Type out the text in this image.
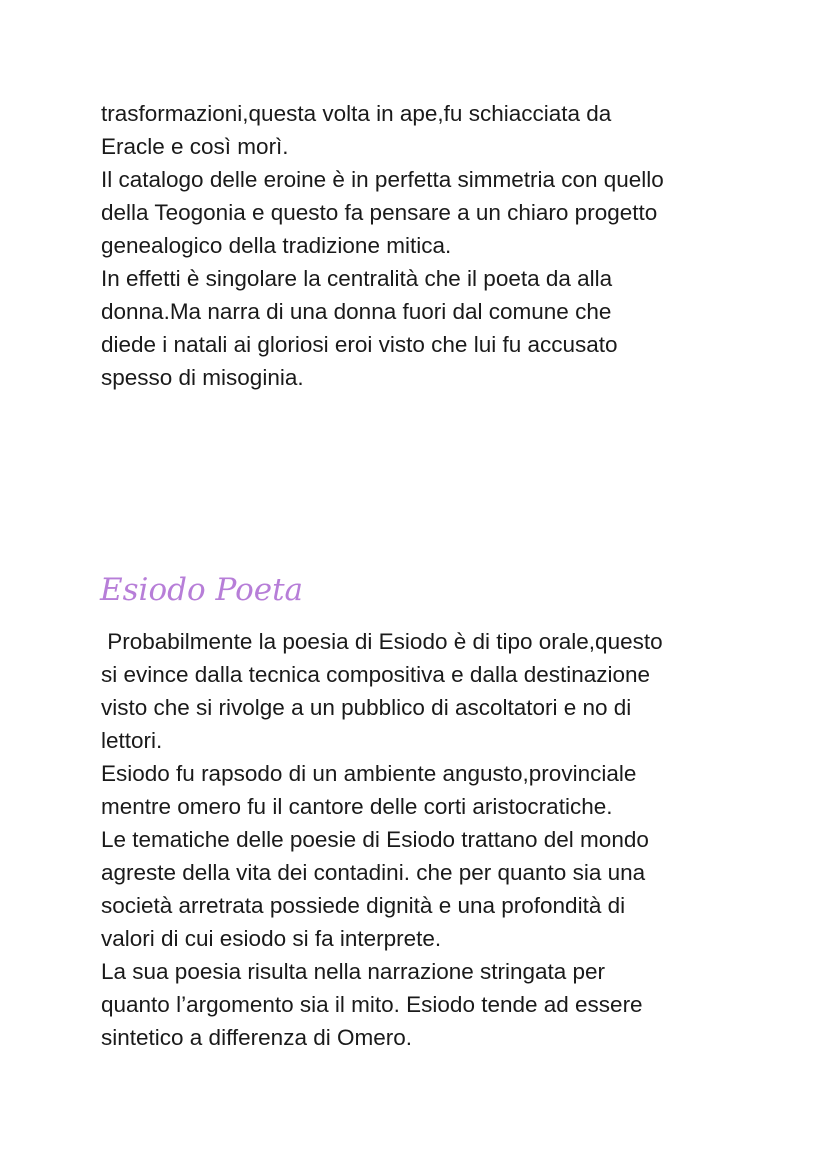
trasformazioni,questa volta in ape,fu schiacciata da
Eracle e così morì.
Il catalogo delle eroine è in perfetta simmetria con quello
della Teogonia e questo fa pensare a un chiaro progetto
genealogico della tradizione mitica.
In effetti è singolare la centralità che il poeta da alla
donna.Ma narra di una donna fuori dal comune che
diede i natali ai gloriosi eroi visto che lui fu accusato
spesso di misoginia.
Esiodo Poeta
Probabilmente la poesia di Esiodo è di tipo orale,questo
si evince dalla tecnica compositiva e dalla destinazione
visto che si rivolge a un pubblico di ascoltatori e no di
lettori.
Esiodo fu rapsodo di un ambiente angusto,provinciale
mentre omero fu il cantore delle corti aristocratiche.
Le tematiche delle poesie di Esiodo trattano del mondo
agreste della vita dei contadini. che per quanto sia una
società arretrata possiede dignità e una profondità di
valori di cui esiodo si fa interprete.
La sua poesia risulta nella narrazione stringata per
quanto l’argomento sia il mito. Esiodo tende ad essere
sintetico a differenza di Omero.
